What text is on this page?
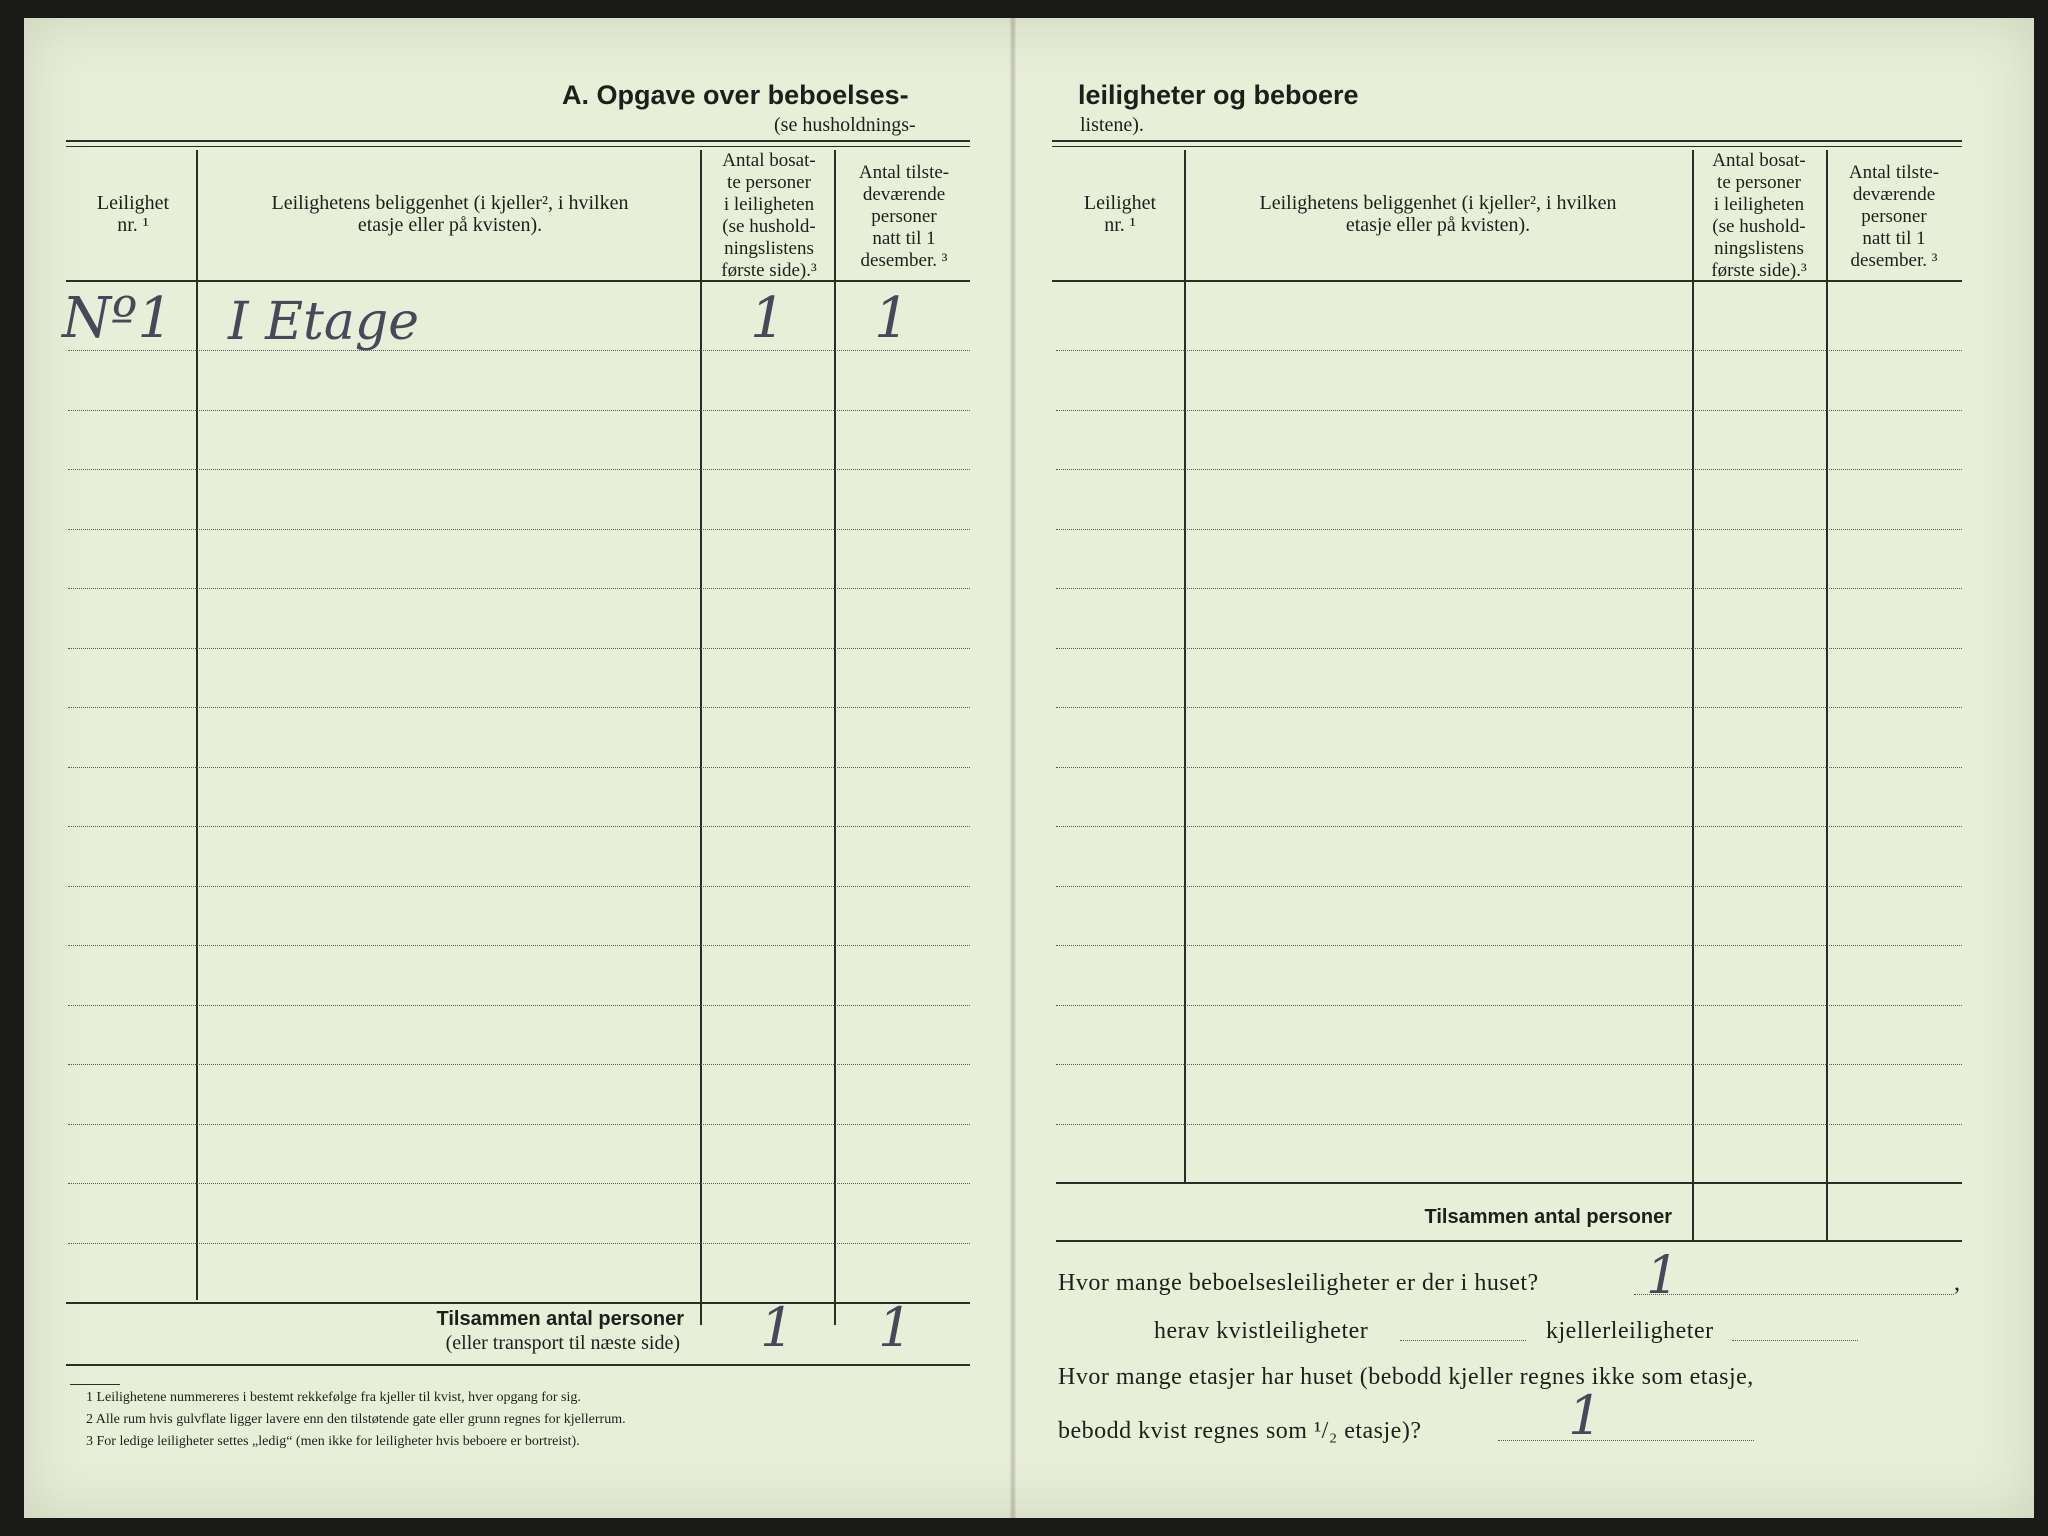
A. Opgave over beboelses-
(se husholdnings-
Leilighet
nr. ¹
Leilighetens beliggenhet (i kjeller², i hvilken
etasje eller på kvisten).
Antal bosat-
te personer
i leiligheten
(se hushold-
ningslistens
første side).³
Antal tilste-
deværende
personer
natt til 1
desember. ³
Nº1 I Etage	1 1
Tilsammen antal personer
(eller transport til næste side) 1 1
1 Leilighetene nummereres i bestemt rekkefølge fra kjeller til kvist, hver opgang for sig.
2 Alle rum hvis gulvflate ligger lavere enn den tilstøtende gate eller grunn regnes for kjellerrum.
3 For ledige leiligheter settes „ledig“ (men ikke for leiligheter hvis beboere er bortreist).
leiligheter og beboere
listene).
Leilighet
nr. ¹
Leilighetens beliggenhet (i kjeller², i hvilken
etasje eller på kvisten).
Antal bosat-
te personer
i leiligheten
(se hushold-
ningslistens
første side).³
Antal tilste-
deværende
personer
natt til 1
desember. ³
Tilsammen antal personer
Hvor mange beboelsesleiligheter er der i huset? 1	,
herav kvistleiligheter	kjellerleiligheter
Hvor mange etasjer har huset (bebodd kjeller regnes ikke som etasje,
bebodd kvist regnes som ¹/₂ etasje)?	1
